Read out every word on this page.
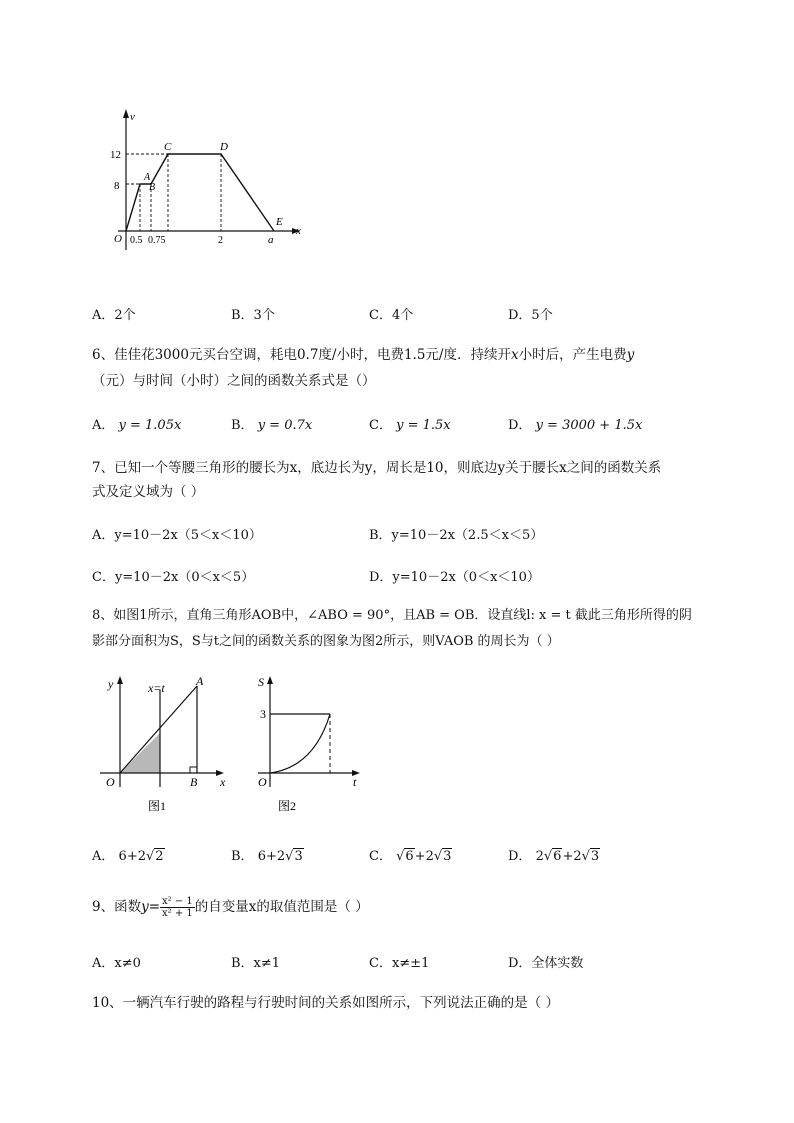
v
x
12
8
O 0.5 0.75	2	a
A
B
C	D
E
A．2个	B．3个	C．4个	D．5个
6、佳佳花3000元买台空调，耗电0.7度/小时，电费1.5元/度．持续开x小时后，产生电费y
（元）与时间（小时）之间的函数关系式是（）
A． y = 1.05x	B． y = 0.7x	C． y = 1.5x	D． y = 3000 + 1.5x
7、已知一个等腰三角形的腰长为x，底边长为y，周长是10，则底边y关于腰长x之间的函数关系
式及定义域为（ ）
A．y=10－2x（5＜x＜10）	B．y=10－2x（2.5＜x＜5）
C．y=10－2x（0＜x＜5）	D．y=10－2x（0＜x＜10）
8、如图1所示，直角三角形AOB中，∠ABO = 90°，且AB = OB．设直线l: x = t 截此三角形所得的阴
影部分面积为S，S与t之间的函数关系的图象为图2所示，则VAOB 的周长为（ ）
y	x=t	A
O	B x
图1
S
3
O	t
图2
A． 6+2√2	B． 6+2√3	C． √6+2√3	D． 2√6+2√3
9、函数$y= \frac{\text{x² − 1}}{\text{x² + 1}}$ 的自变量x的取值范围是（ ）
A．x≠0	B．x≠1	C．x≠±1	D．全体实数
10、一辆汽车行驶的路程与行驶时间的关系如图所示，下列说法正确的是（ ）
